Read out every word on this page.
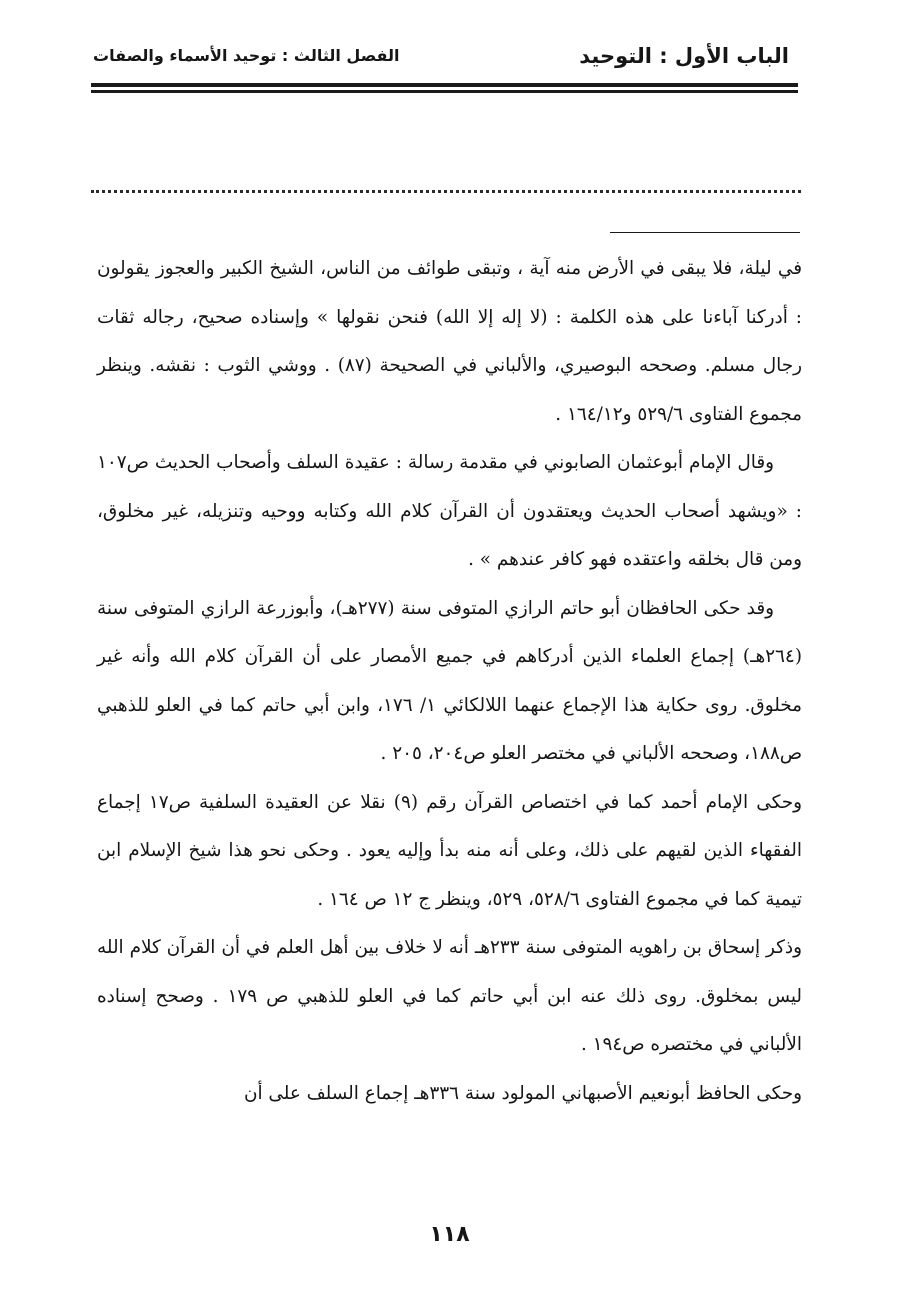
الفصل الثالث : توحيد الأسماء والصفات	الباب الأول : التوحيد

في ليلة، فلا يبقى في الأرض منه آية ، وتبقى طوائف من الناس، الشيخ الكبير والعجوز يقولون : أدركنا آباءنا على هذه الكلمة : (لا إله إلا الله) فنحن نقولها » وإسناده صحيح، رجاله ثقات رجال مسلم. وصححه البوصيري، والألباني في الصحيحة (٨٧) . ووشي الثوب : نقشه. وينظر مجموع الفتاوى ٥٢٩/٦ و١٦٤/١٢ .

وقال الإمام أبوعثمان الصابوني في مقدمة رسالة : عقيدة السلف وأصحاب الحديث ص١٠٧ : «ويشهد أصحاب الحديث ويعتقدون أن القرآن كلام الله وكتابه ووحيه وتنزيله، غير مخلوق، ومن قال بخلقه واعتقده فهو كافر عندهم » .

وقد حكى الحافظان أبو حاتم الرازي المتوفى سنة (٢٧٧هـ)، وأبوزرعة الرازي المتوفى سنة (٢٦٤هـ) إجماع العلماء الذين أدركاهم في جميع الأمصار على أن القرآن كلام الله وأنه غير مخلوق. روى حكاية هذا الإجماع عنهما اللالكائي ١/ ١٧٦، وابن أبي حاتم كما في العلو للذهبي ص١٨٨، وصححه الألباني في مختصر العلو ص٢٠٤، ٢٠٥ .

وحكى الإمام أحمد كما في اختصاص القرآن رقم (٩) نقلا عن العقيدة السلفية ص١٧ إجماع الفقهاء الذين لقيهم على ذلك، وعلى أنه منه بدأ وإليه يعود . وحكى نحو هذا شيخ الإسلام ابن تيمية كما في مجموع الفتاوى ٥٢٨/٦، ٥٢٩، وينظر ج ١٢ ص ١٦٤ .

وذكر إسحاق بن راهويه المتوفى سنة ٢٣٣هـ أنه لا خلاف بين أهل العلم في أن القرآن كلام الله ليس بمخلوق. روى ذلك عنه ابن أبي حاتم كما في العلو للذهبي ص ١٧٩ . وصحح إسناده الألباني في مختصره ص١٩٤ .

وحكى الحافظ أبونعيم الأصبهاني المولود سنة ٣٣٦هـ إجماع السلف على أن

١١٨
